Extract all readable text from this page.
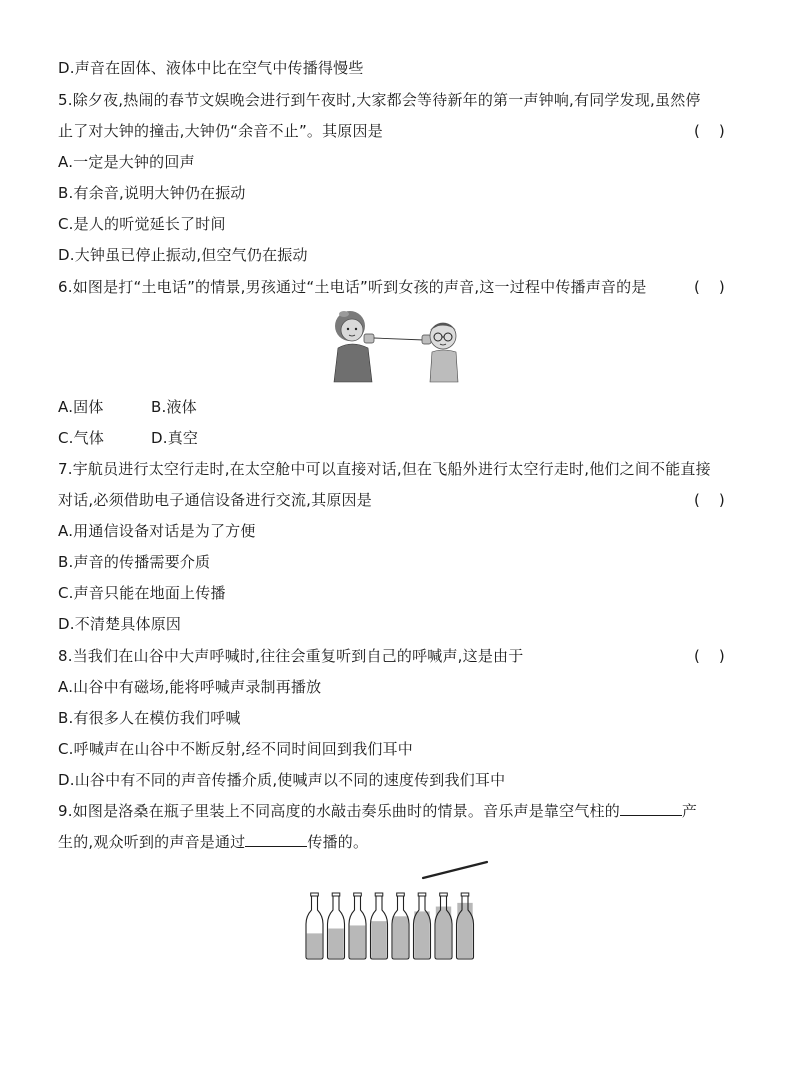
D.声音在固体、液体中比在空气中传播得慢些
5.除夕夜,热闹的春节文娱晚会进行到午夜时,大家都会等待新年的第一声钟响,有同学发现,虽然停
止了对大钟的撞击,大钟仍“余音不止”。其原因是	(    )
A.一定是大钟的回声
B.有余音,说明大钟仍在振动
C.是人的听觉延长了时间
D.大钟虽已停止振动,但空气仍在振动
6.如图是打“土电话”的情景,男孩通过“土电话”听到女孩的声音,这一过程中传播声音的是	(    )
A.固体	B.液体
C.气体	D.真空
7.宇航员进行太空行走时,在太空舱中可以直接对话,但在飞船外进行太空行走时,他们之间不能直接
对话,必须借助电子通信设备进行交流,其原因是	(    )
A.用通信设备对话是为了方便
B.声音的传播需要介质
C.声音只能在地面上传播
D.不清楚具体原因
8.当我们在山谷中大声呼喊时,往往会重复听到自己的呼喊声,这是由于	(    )
A.山谷中有磁场,能将呼喊声录制再播放
B.有很多人在模仿我们呼喊
C.呼喊声在山谷中不断反射,经不同时间回到我们耳中
D.山谷中有不同的声音传播介质,使喊声以不同的速度传到我们耳中
9.如图是洛桑在瓶子里装上不同高度的水敲击奏乐曲时的情景。音乐声是靠空气柱的	产
生的,观众听到的声音是通过	传播的。
